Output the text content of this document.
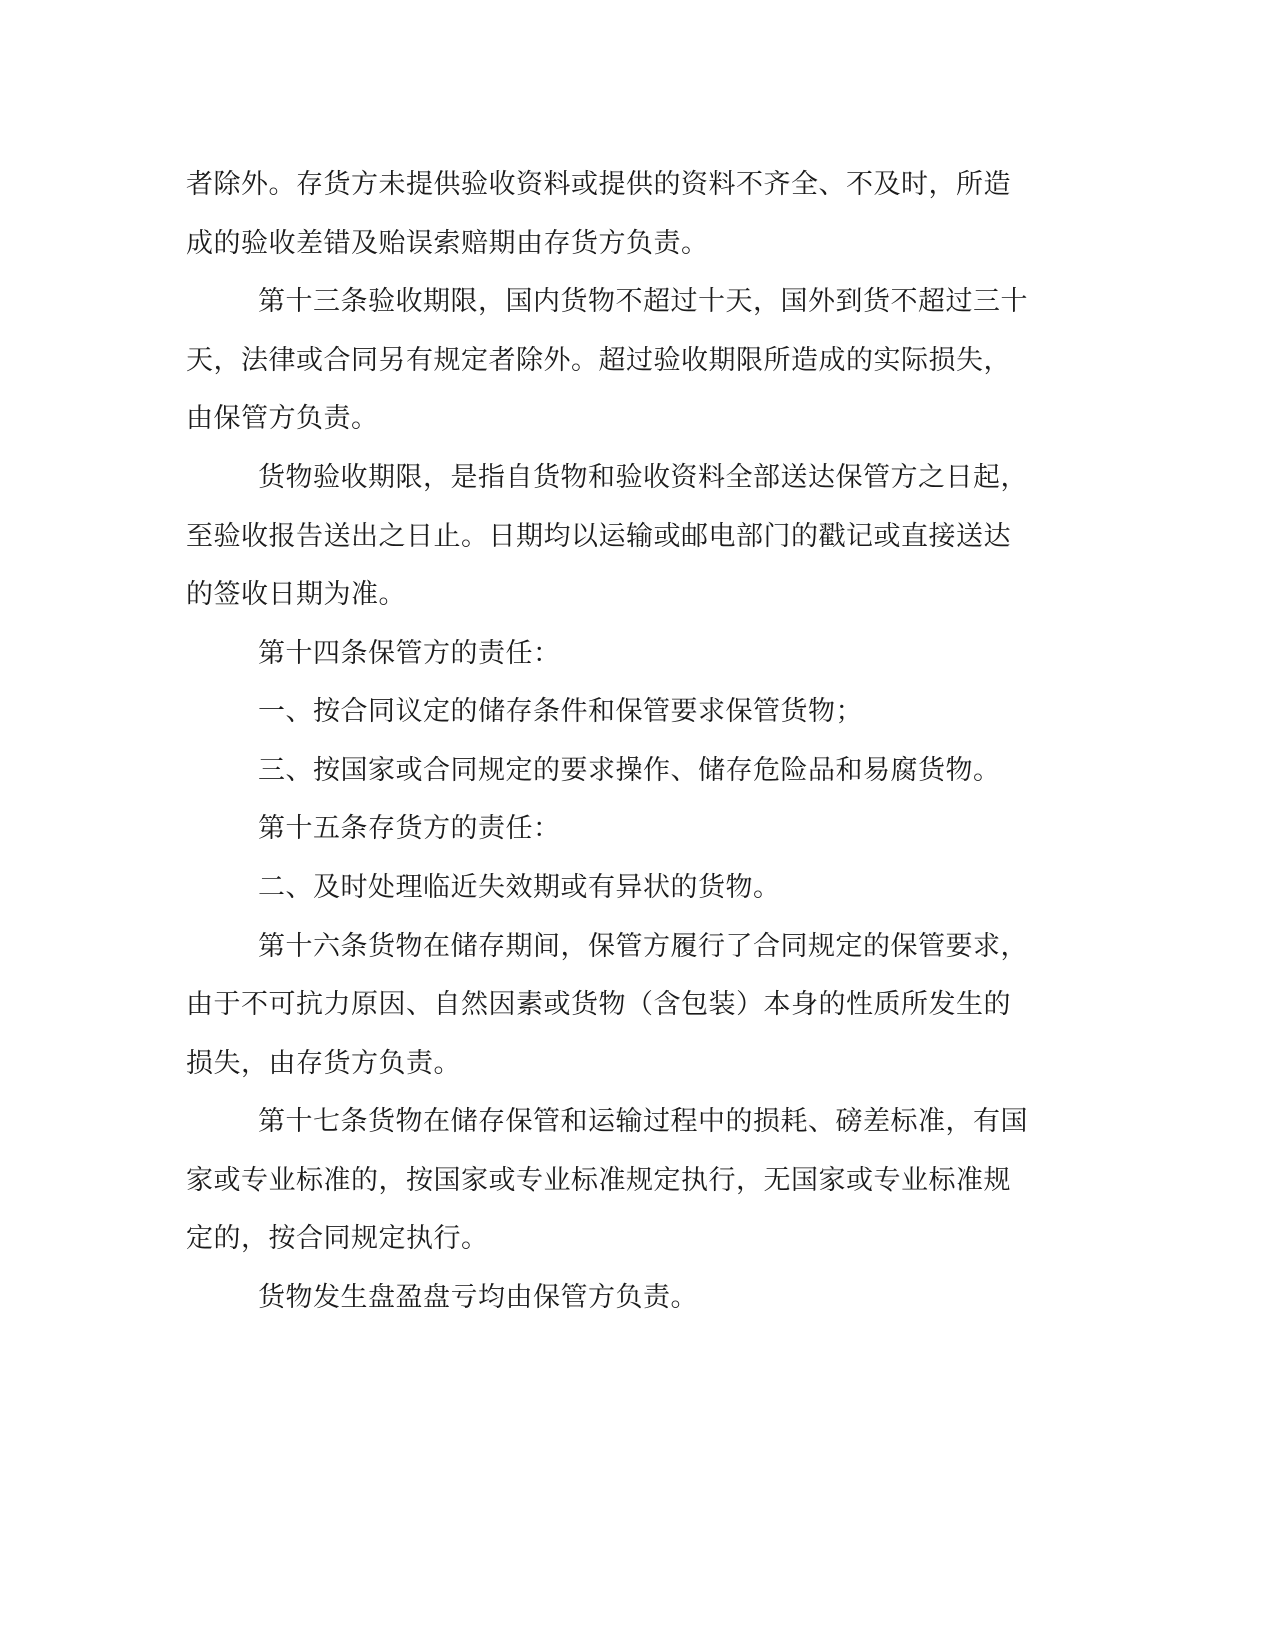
者除外。存货方未提供验收资料或提供的资料不齐全、不及时，所造
成的验收差错及贻误索赔期由存货方负责。
第十三条验收期限，国内货物不超过十天，国外到货不超过三十
天，法律或合同另有规定者除外。超过验收期限所造成的实际损失，
由保管方负责。
货物验收期限，是指自货物和验收资料全部送达保管方之日起，
至验收报告送出之日止。日期均以运输或邮电部门的戳记或直接送达
的签收日期为准。
第十四条保管方的责任：
一、按合同议定的储存条件和保管要求保管货物；
三、按国家或合同规定的要求操作、储存危险品和易腐货物。
第十五条存货方的责任：
二、及时处理临近失效期或有异状的货物。
第十六条货物在储存期间，保管方履行了合同规定的保管要求，
由于不可抗力原因、自然因素或货物（含包装）本身的性质所发生的
损失，由存货方负责。
第十七条货物在储存保管和运输过程中的损耗、磅差标准，有国
家或专业标准的，按国家或专业标准规定执行，无国家或专业标准规
定的，按合同规定执行。
货物发生盘盈盘亏均由保管方负责。
